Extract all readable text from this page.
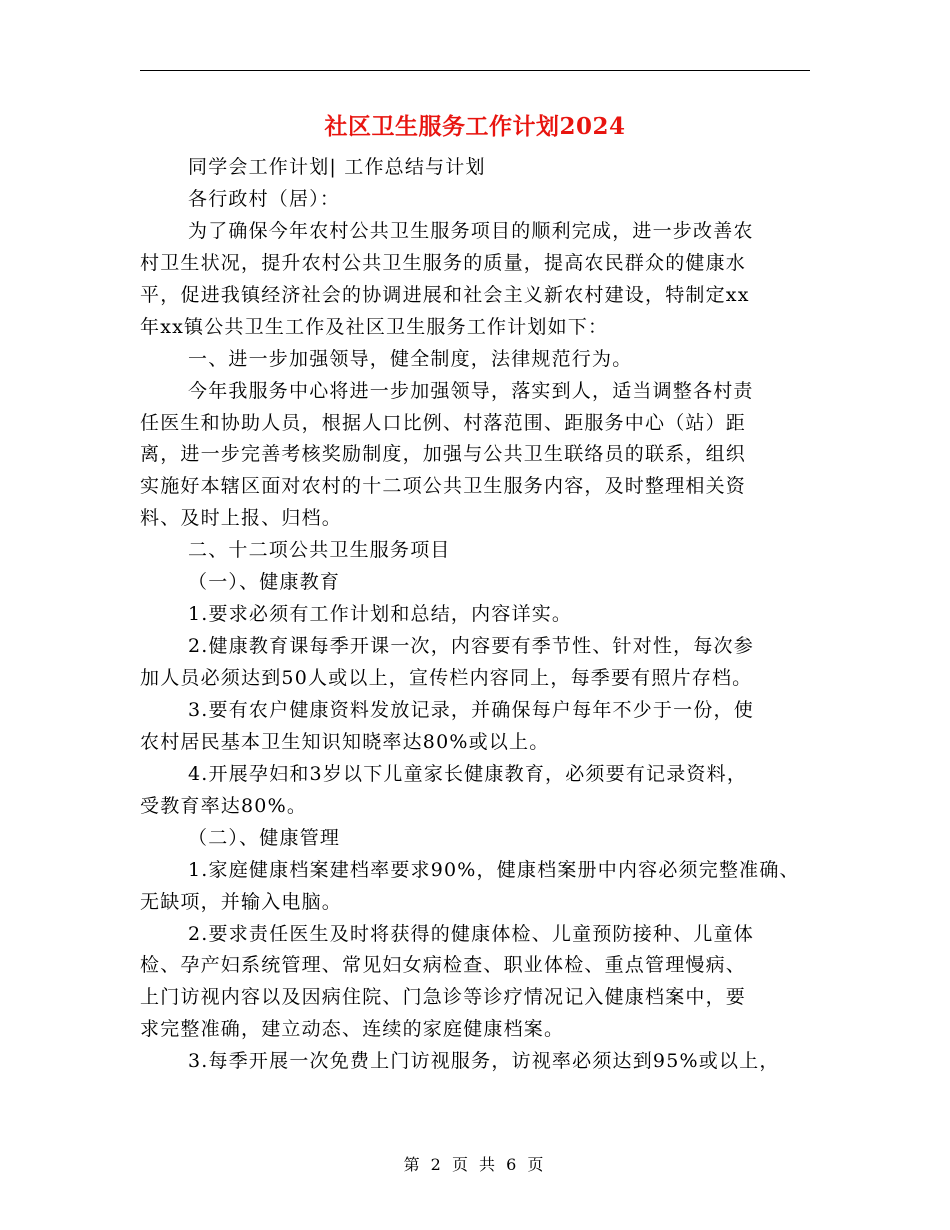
社区卫生服务工作计划2024
同学会工作计划| 工作总结与计划
各行政村（居）：
为了确保今年农村公共卫生服务项目的顺利完成，进一步改善农
村卫生状况，提升农村公共卫生服务的质量，提高农民群众的健康水
平，促进我镇经济社会的协调进展和社会主义新农村建设，特制定xx
年xx镇公共卫生工作及社区卫生服务工作计划如下：
一、进一步加强领导，健全制度，法律规范行为。
今年我服务中心将进一步加强领导，落实到人，适当调整各村责
任医生和协助人员，根据人口比例、村落范围、距服务中心（站）距
离，进一步完善考核奖励制度，加强与公共卫生联络员的联系，组织
实施好本辖区面对农村的十二项公共卫生服务内容，及时整理相关资
料、及时上报、归档。
二、十二项公共卫生服务项目
（一）、健康教育
1.要求必须有工作计划和总结，内容详实。
2.健康教育课每季开课一次，内容要有季节性、针对性，每次参
加人员必须达到50人或以上，宣传栏内容同上，每季要有照片存档。
3.要有农户健康资料发放记录，并确保每户每年不少于一份，使
农村居民基本卫生知识知晓率达80%或以上。
4.开展孕妇和3岁以下儿童家长健康教育，必须要有记录资料，
受教育率达80%。
（二）、健康管理
1.家庭健康档案建档率要求90%，健康档案册中内容必须完整准确、
无缺项，并输入电脑。
2.要求责任医生及时将获得的健康体检、儿童预防接种、儿童体
检、孕产妇系统管理、常见妇女病检查、职业体检、重点管理慢病、
上门访视内容以及因病住院、门急诊等诊疗情况记入健康档案中，要
求完整准确，建立动态、连续的家庭健康档案。
3.每季开展一次免费上门访视服务，访视率必须达到95%或以上，
第 2 页 共 6 页
